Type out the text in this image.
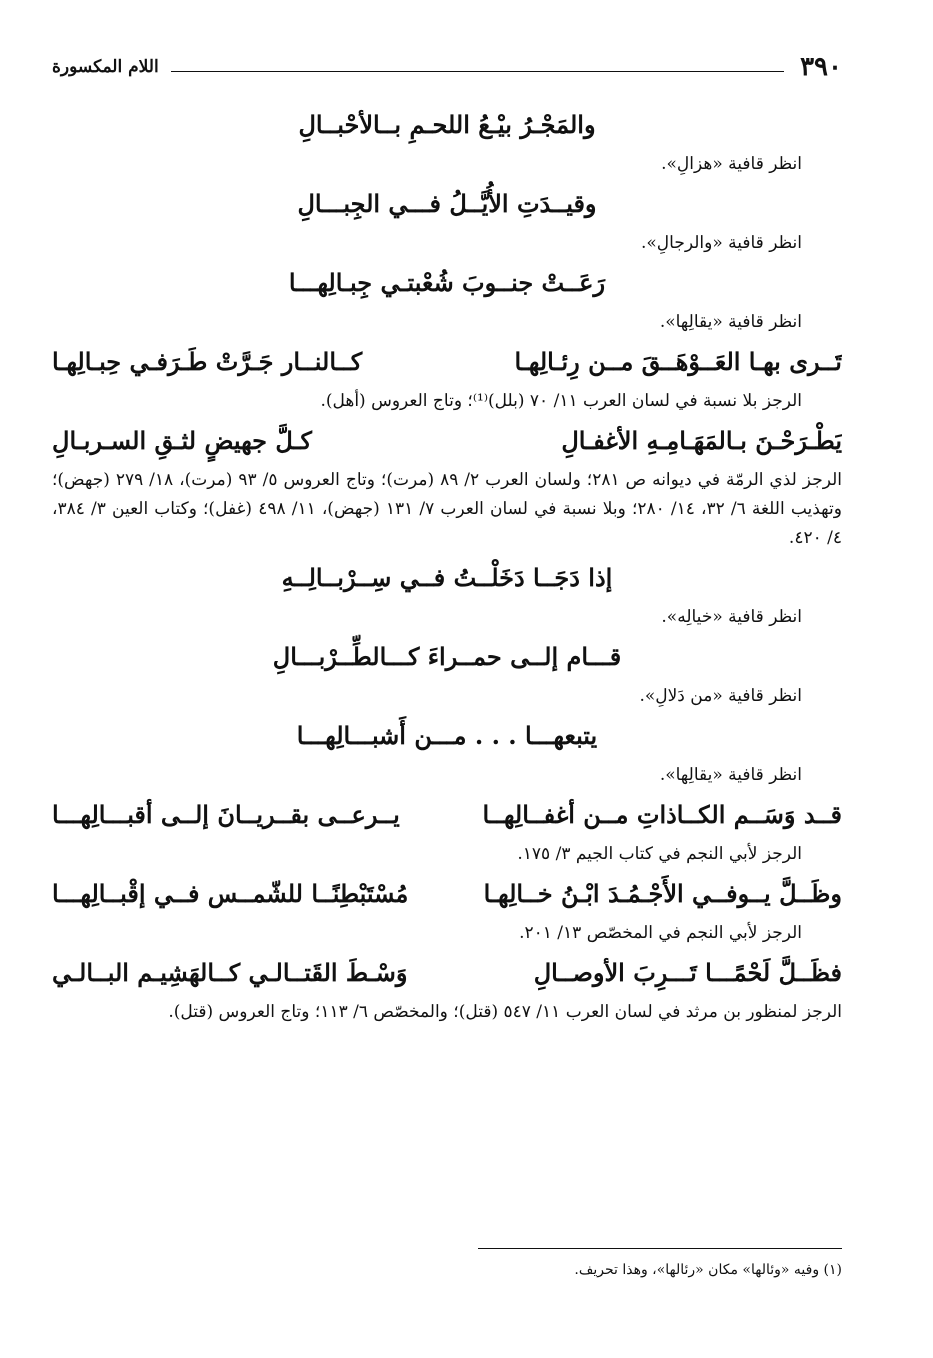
٣٩٠
اللام المكسورة
والمَجْـرُ بيْـعُ اللحـمِ بــالأحْبــالِ
انظر قافية «هزالِ».
وقيــدَتِ الأُيَّــلُ فـــي الجِبـــالِ
انظر قافية «والرجالِ».
رَعَــتْ جنــوبَ شُعْبتـي جِبـالِهـــا
انظر قافية «يقالِها».
تَــرى بهـا العَــوْهَــقَ مــن رِئـالِهـا
كــالنــار جَـرَّتْ طَـرَفـي حِبـالِهـا
الرجز بلا نسبة في لسان العرب ١١/ ٧٠ (بلل)⁽¹⁾؛ وتاج العروس (أهل).
يَطْـرَحْـنَ بـالمَهَـامِـهِ الأغفـالِ
كـلَّ جهيضٍ لثـقِ السـربـالِ
الرجز لذي الرمّة في ديوانه ص ٢٨١؛ ولسان العرب ٢/ ٨٩ (مرت)؛ وتاج العروس ٥/ ٩٣ (مرت)، ١٨/ ٢٧٩ (جهض)؛ وتهذيب اللغة ٦/ ٣٢، ١٤/ ٢٨٠؛ وبلا نسبة في لسان العرب ٧/ ١٣١ (جهض)، ١١/ ٤٩٨ (غفل)؛ وكتاب العين ٣/ ٣٨٤، ٤/ ٤٢٠.
إذا دَجَــا دَخَلْــتُ فــي سِــرْبــالِــهِ
انظر قافية «خيالِه».
قـــام إلــى حمــراءَ كـــالطِّــرْبـــالِ
انظر قافية «من دَلالِ».
يتبعهـــا . . . مـــن أَشبـــالِهـــا
انظر قافية «يقالِها».
قــد وَسَــم الكــاذاتِ مــن أغفــالِهــا
يــرعــى بقــريــانَ إلــى أقبـــالِهـــا
الرجز لأبي النجم في كتاب الجيم ٣/ ١٧٥.
وظَــلَّ يــوفــي الأَجْـمُـدَ ابْـنُ خــالِهـا
مُسْتَبْطِنًــا للشّمــس فــي إقْبــالِهـــا
الرجز لأبي النجم في المخصّص ١٣/ ٢٠١.
فظَــلَّ لَحْمًـــا تَـــرِبَ الأوصــالِ
وَسْـطَ القَتــالـي كــالهَشِيـم البــالـي
الرجز لمنظور بن مرثد في لسان العرب ١١/ ٥٤٧ (قتل)؛ والمخصّص ٦/ ١١٣؛ وتاج العروس (قتل).
(١) وفيه «وئالها» مكان «رئالها»، وهذا تحريف.
